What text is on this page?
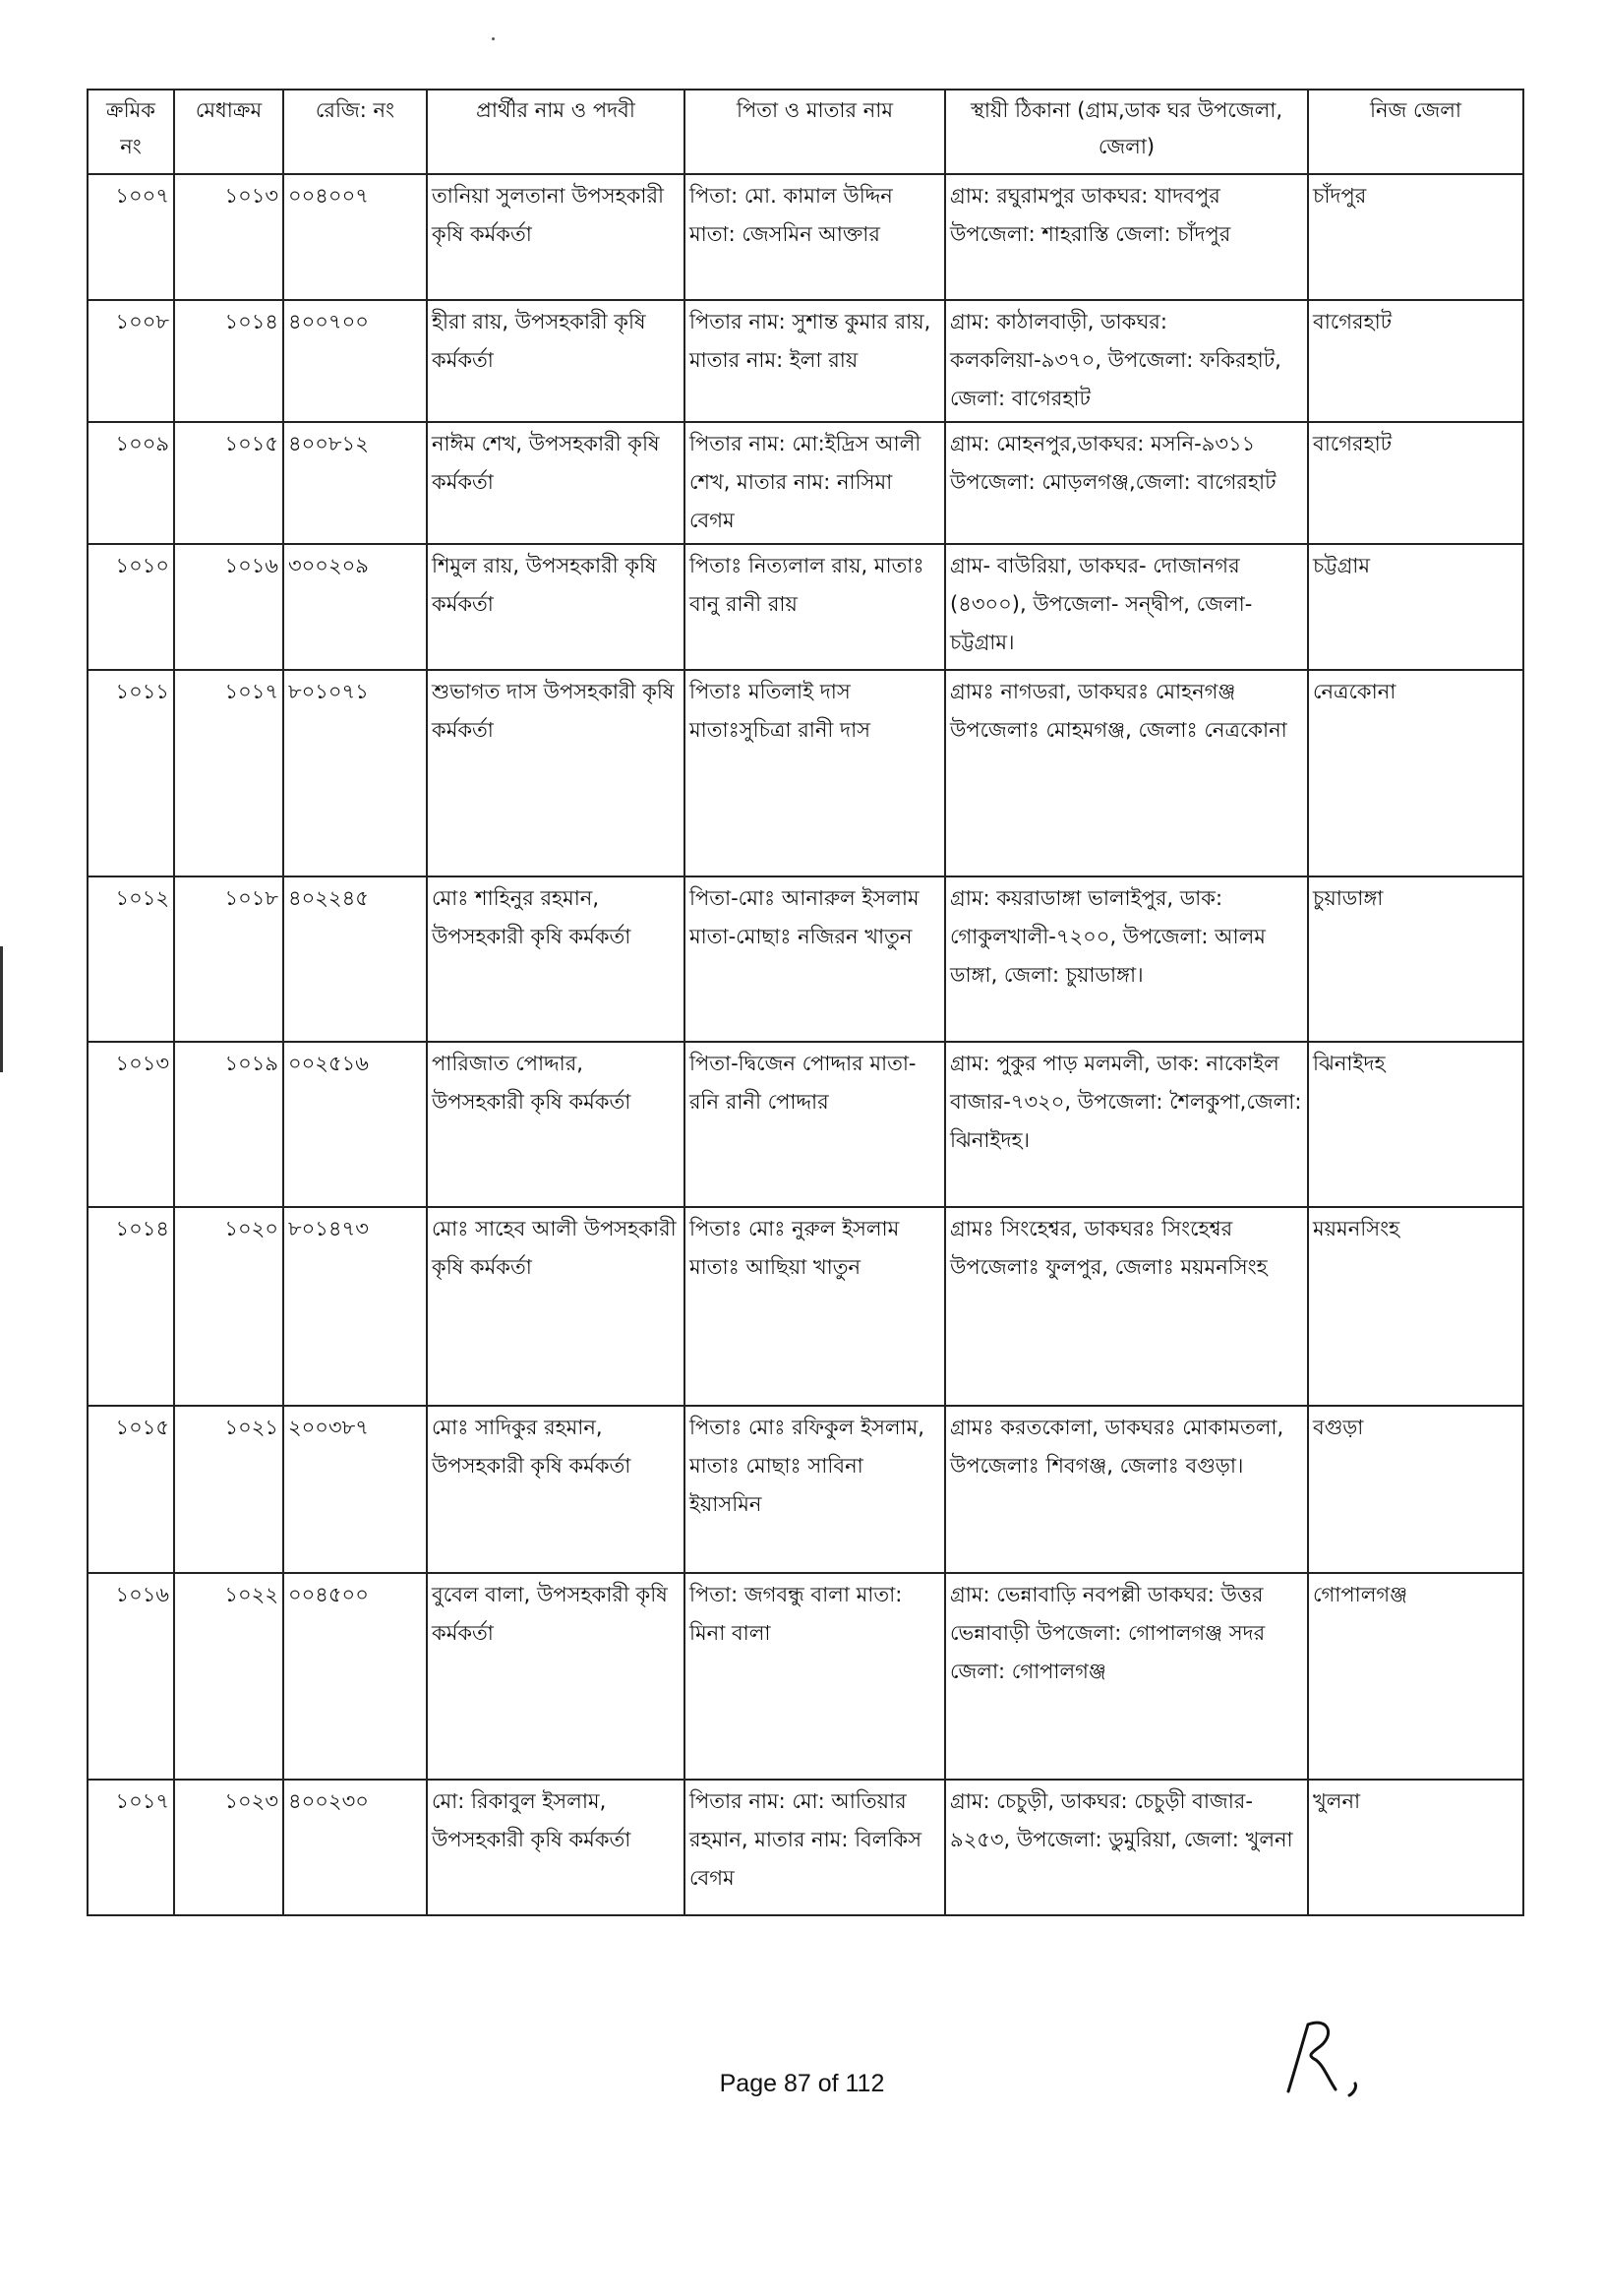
ক্রমিক নং	মেধাক্রম	রেজি: নং	প্রার্থীর নাম ও পদবী	পিতা ও মাতার নাম	স্থায়ী ঠিকানা (গ্রাম,ডাক ঘর উপজেলা, জেলা)	নিজ জেলা
১০০৭	১০১৩	০০৪০০৭	তানিয়া সুলতানা উপসহকারী কৃষি কর্মকর্তা	পিতা: মো. কামাল উদ্দিন মাতা: জেসমিন আক্তার	গ্রাম: রঘুরামপুর ডাকঘর: যাদবপুর উপজেলা: শাহরাস্তি জেলা: চাঁদপুর	চাঁদপুর
১০০৮	১০১৪	৪০০৭০০	হীরা রায়, উপসহকারী কৃষি কর্মকর্তা	পিতার নাম: সুশান্ত কুমার রায়, মাতার নাম: ইলা রায়	গ্রাম: কাঠালবাড়ী, ডাকঘর: কলকলিয়া-৯৩৭০, উপজেলা: ফকিরহাট, জেলা: বাগেরহাট	বাগেরহাট
১০০৯	১০১৫	৪০০৮১২	নাঈম শেখ, উপসহকারী কৃষি কর্মকর্তা	পিতার নাম: মো:ইদ্রিস আলী শেখ, মাতার নাম: নাসিমা বেগম	গ্রাম: মোহনপুর,ডাকঘর: মসনি-৯৩১১ উপজেলা: মোড়লগঞ্জ,জেলা: বাগেরহাট	বাগেরহাট
১০১০	১০১৬	৩০০২০৯	শিমুল রায়, উপসহকারী কৃষি কর্মকর্তা	পিতাঃ নিত্যলাল রায়, মাতাঃ বানু রানী রায়	গ্রাম- বাউরিয়া, ডাকঘর- দোজানগর (৪৩০০), উপজেলা- সন্দ্বীপ, জেলা- চট্টগ্রাম।	চট্টগ্রাম
১০১১	১০১৭	৮০১০৭১	শুভাগত দাস উপসহকারী কৃষি কর্মকর্তা	পিতাঃ মতিলাই দাস মাতাঃসুচিত্রা রানী দাস	গ্রামঃ নাগডরা, ডাকঘরঃ মোহনগঞ্জ উপজেলাঃ মোহমগঞ্জ, জেলাঃ নেত্রকোনা	নেত্রকোনা
১০১২	১০১৮	৪০২২৪৫	মোঃ শাহিনুর রহমান, উপসহকারী কৃষি কর্মকর্তা	পিতা-মোঃ আনারুল ইসলাম মাতা-মোছাঃ নজিরন খাতুন	গ্রাম: কয়রাডাঙ্গা ভালাইপুর, ডাক: গোকুলখালী-৭২০০, উপজেলা: আলম ডাঙ্গা, জেলা: চুয়াডাঙ্গা।	চুয়াডাঙ্গা
১০১৩	১০১৯	০০২৫১৬	পারিজাত পোদ্দার, উপসহকারী কৃষি কর্মকর্তা	পিতা-দ্বিজেন পোদ্দার মাতা-রনি রানী পোদ্দার	গ্রাম: পুকুর পাড় মলমলী, ডাক: নাকোইল বাজার-৭৩২০, উপজেলা: শৈলকুপা,জেলা: ঝিনাইদহ।	ঝিনাইদহ
১০১৪	১০২০	৮০১৪৭৩	মোঃ সাহেব আলী উপসহকারী কৃষি কর্মকর্তা	পিতাঃ মোঃ নুরুল ইসলাম মাতাঃ আছিয়া খাতুন	গ্রামঃ সিংহেশ্বর, ডাকঘরঃ সিংহেশ্বর উপজেলাঃ ফুলপুর, জেলাঃ ময়মনসিংহ	ময়মনসিংহ
১০১৫	১০২১	২০০৩৮৭	মোঃ সাদিকুর রহমান, উপসহকারী কৃষি কর্মকর্তা	পিতাঃ মোঃ রফিকুল ইসলাম, মাতাঃ মোছাঃ সাবিনা ইয়াসমিন	গ্রামঃ করতকোলা, ডাকঘরঃ মোকামতলা, উপজেলাঃ শিবগঞ্জ, জেলাঃ বগুড়া।	বগুড়া
১০১৬	১০২২	০০৪৫০০	বুবেল বালা, উপসহকারী কৃষি কর্মকর্তা	পিতা: জগবন্ধু বালা মাতা: মিনা বালা	গ্রাম: ভেন্নাবাড়ি নবপল্লী ডাকঘর: উত্তর ভেন্নাবাড়ী উপজেলা: গোপালগঞ্জ সদর জেলা: গোপালগঞ্জ	গোপালগঞ্জ
১০১৭	১০২৩	৪০০২৩০	মো: রিকাবুল ইসলাম, উপসহকারী কৃষি কর্মকর্তা	পিতার নাম: মো: আতিয়ার রহমান, মাতার নাম: বিলকিস বেগম	গ্রাম: চেচুড়ী, ডাকঘর: চেচুড়ী বাজার- ৯২৫৩, উপজেলা: ডুমুরিয়া, জেলা: খুলনা	খুলনা
Page 87 of 112
